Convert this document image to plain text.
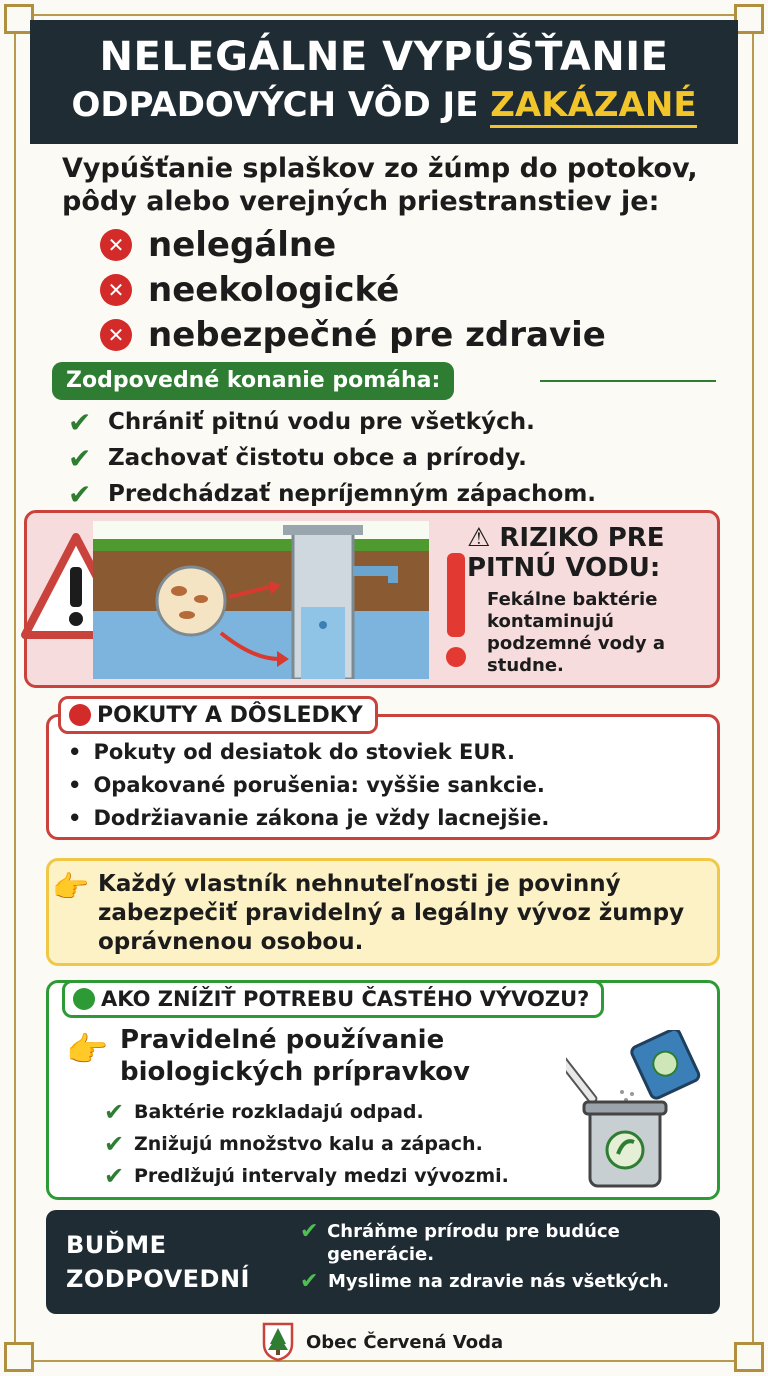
NELEGÁLNE VYPÚŠŤANIE
ODPADOVÝCH VÔD JE ZAKÁZANÉ
Vypúšťanie splaškov zo žúmp do potokov, pôdy alebo verejných priestranstiev je:
✕ nelegálne
✕ neekologické
✕ nebezpečné pre zdravie
Zodpovedné konanie pomáha:
✔ Chrániť pitnú vodu pre všetkých.
✔ Zachovať čistotu obce a prírody.
✔ Predchádzať nepríjemným zápachom.
⚠ RIZIKO PRE PITNÚ VODU:
Fekálne baktérie kontaminujú podzemné vody a studne.
POKUTY A DÔSLEDKY
• Pokuty od desiatok do stoviek EUR.
• Opakované porušenia: vyššie sankcie.
• Dodržiavanie zákona je vždy lacnejšie.
👉 Každý vlastník nehnuteľnosti je povinný zabezpečiť pravidelný a legálny vývoz žumpy oprávnenou osobou.
AKO ZNÍŽIŤ POTREBU ČASTÉHO VÝVOZU?
👉 Pravidelné používanie biologických prípravkov
✔ Baktérie rozkladajú odpad.
✔ Znižujú množstvo kalu a zápach.
✔ Predlžujú intervaly medzi vývozmi.
BUĎME ZODPOVEDNÍ
✔ Chráňme prírodu pre budúce generácie.
✔ Myslime na zdravie nás všetkých.
Obec Červená Voda
